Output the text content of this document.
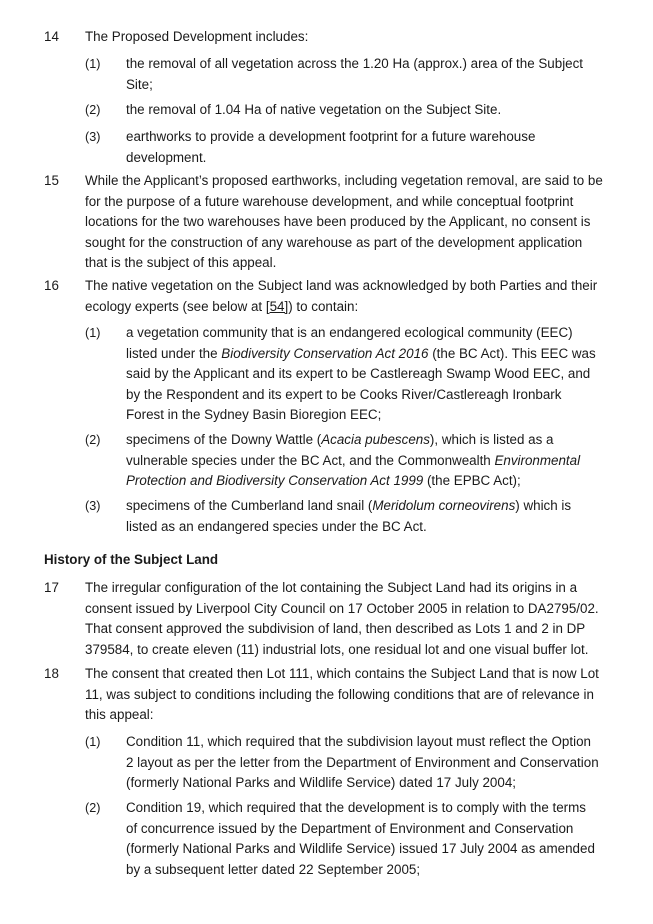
14 The Proposed Development includes:
(1) the removal of all vegetation across the 1.20 Ha (approx.) area of the Subject Site;
(2) the removal of 1.04 Ha of native vegetation on the Subject Site.
(3) earthworks to provide a development footprint for a future warehouse development.
15 While the Applicant’s proposed earthworks, including vegetation removal, are said to be for the purpose of a future warehouse development, and while conceptual footprint locations for the two warehouses have been produced by the Applicant, no consent is sought for the construction of any warehouse as part of the development application that is the subject of this appeal.
16 The native vegetation on the Subject land was acknowledged by both Parties and their ecology experts (see below at [54]) to contain:
(1) a vegetation community that is an endangered ecological community (EEC) listed under the Biodiversity Conservation Act 2016 (the BC Act). This EEC was said by the Applicant and its expert to be Castlereagh Swamp Wood EEC, and by the Respondent and its expert to be Cooks River/Castlereagh Ironbark Forest in the Sydney Basin Bioregion EEC;
(2) specimens of the Downy Wattle (Acacia pubescens), which is listed as a vulnerable species under the BC Act, and the Commonwealth Environmental Protection and Biodiversity Conservation Act 1999 (the EPBC Act);
(3) specimens of the Cumberland land snail (Meridolum corneovirens) which is listed as an endangered species under the BC Act.
History of the Subject Land
17 The irregular configuration of the lot containing the Subject Land had its origins in a consent issued by Liverpool City Council on 17 October 2005 in relation to DA2795/02. That consent approved the subdivision of land, then described as Lots 1 and 2 in DP 379584, to create eleven (11) industrial lots, one residual lot and one visual buffer lot.
18 The consent that created then Lot 111, which contains the Subject Land that is now Lot 11, was subject to conditions including the following conditions that are of relevance in this appeal:
(1) Condition 11, which required that the subdivision layout must reflect the Option 2 layout as per the letter from the Department of Environment and Conservation (formerly National Parks and Wildlife Service) dated 17 July 2004;
(2) Condition 19, which required that the development is to comply with the terms of concurrence issued by the Department of Environment and Conservation (formerly National Parks and Wildlife Service) issued 17 July 2004 as amended by a subsequent letter dated 22 September 2005;
